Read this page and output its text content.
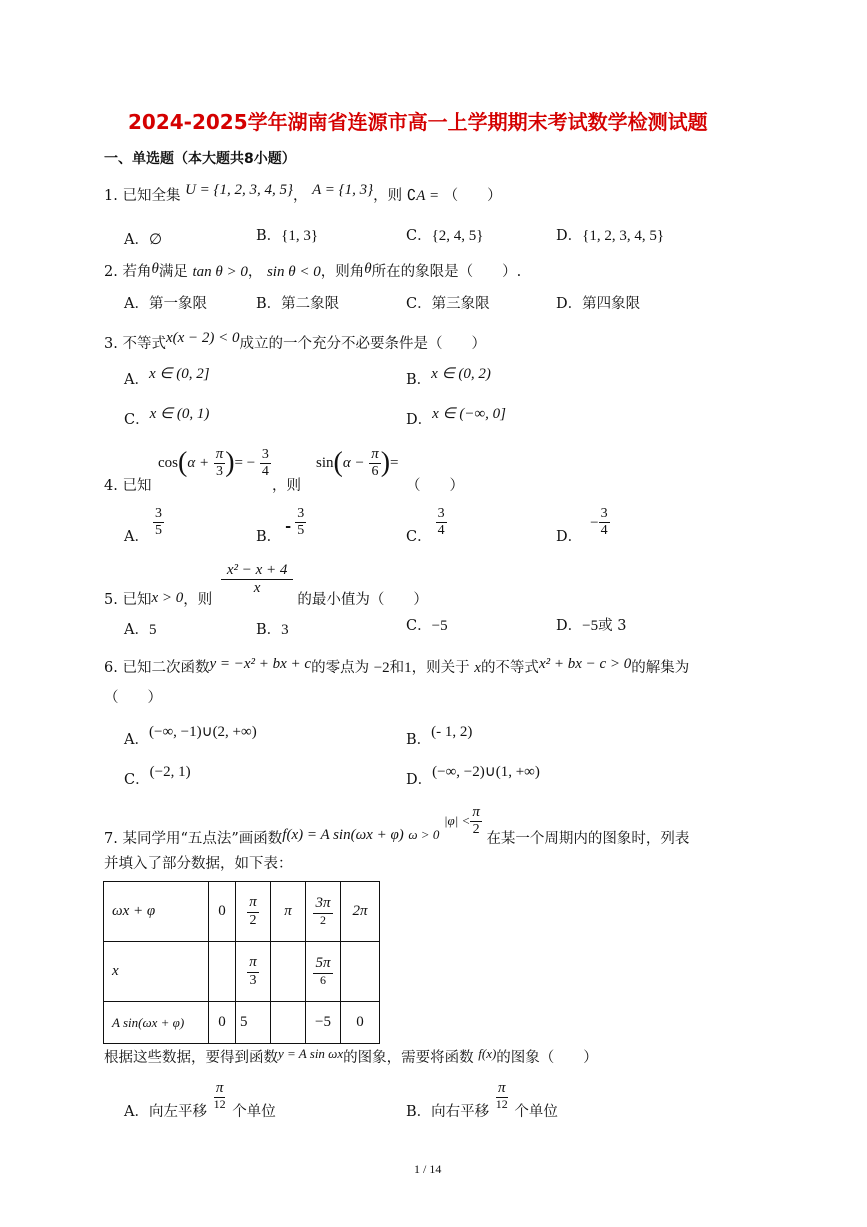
2024-2025学年湖南省连源市高一上学期期末考试数学检测试题
一、单选题（本大题共8小题）
1. 已知全集 U = {1, 2, 3, 4, 5}， A = {1, 3}，则 ∁A = （　　）
A．∅	B．{1, 3}	C．{2, 4, 5}	D．{1, 2, 3, 4, 5}
2. 若角θ满足 tan θ > 0， sin θ < 0，则角θ所在的象限是（　　）.
A．第一象限	B．第二象限	C．第三象限	D．第四象限
3. 不等式x(x − 2) < 0成立的一个充分不必要条件是（　　）
A．x ∈ (0, 2]	B．x ∈ (0, 2)
C．x ∈ (0, 1)	D．x ∈ (−∞, 0]
$\cos(\alpha + \frac{\pi}{3}$ )= − $\frac{3}{4}$	$\sin(\alpha - \frac{\pi}{6}$ )=
4. 已知	，则	（　　）
A． $\frac{3}{5}$	B．- $\frac{3}{5}$	C． $\frac{3}{4}$	D．− $\frac{3}{4}$
5. 已知x > 0，则
$\frac{\text{x² − x + 4}}{x}$
的最小值为（　　）
A．5	B．3	C．−5	D．−5或 3
6. 已知二次函数y = −x² + bx + c的零点为 −2和1，则关于 x的不等式x² + bx − c > 0的解集为
（　　）
A．(−∞, −1)∪(2, +∞)	B．(- 1, 2)
C．(−2, 1)	D．(−∞, −2)∪(1, +∞)
7. 某同学用“五点法”画函数f(x) = A sin(ωx + φ) ω > 0 $|\varphi| < \frac{\pi}{2}$
在某一个周期内的图象时，列表
并填入了部分数据，如下表：
ωx + φ	0	$\frac{\pi}{2}$	π	$\frac{3\pi}{2}$	2π
x		$\frac{\pi}{3}$		$\frac{5\pi}{6}$

A sin(ωx + φ)	0	5		−5	0
根据这些数据，要得到函数y = A sin ωx的图象，需要将函数 f(x)的图象（　　）
A．向左平移 $\frac{\pi}{12}$ 个单位	B．向右平移 $\frac{\pi}{12}$ 个单位
1 / 14
